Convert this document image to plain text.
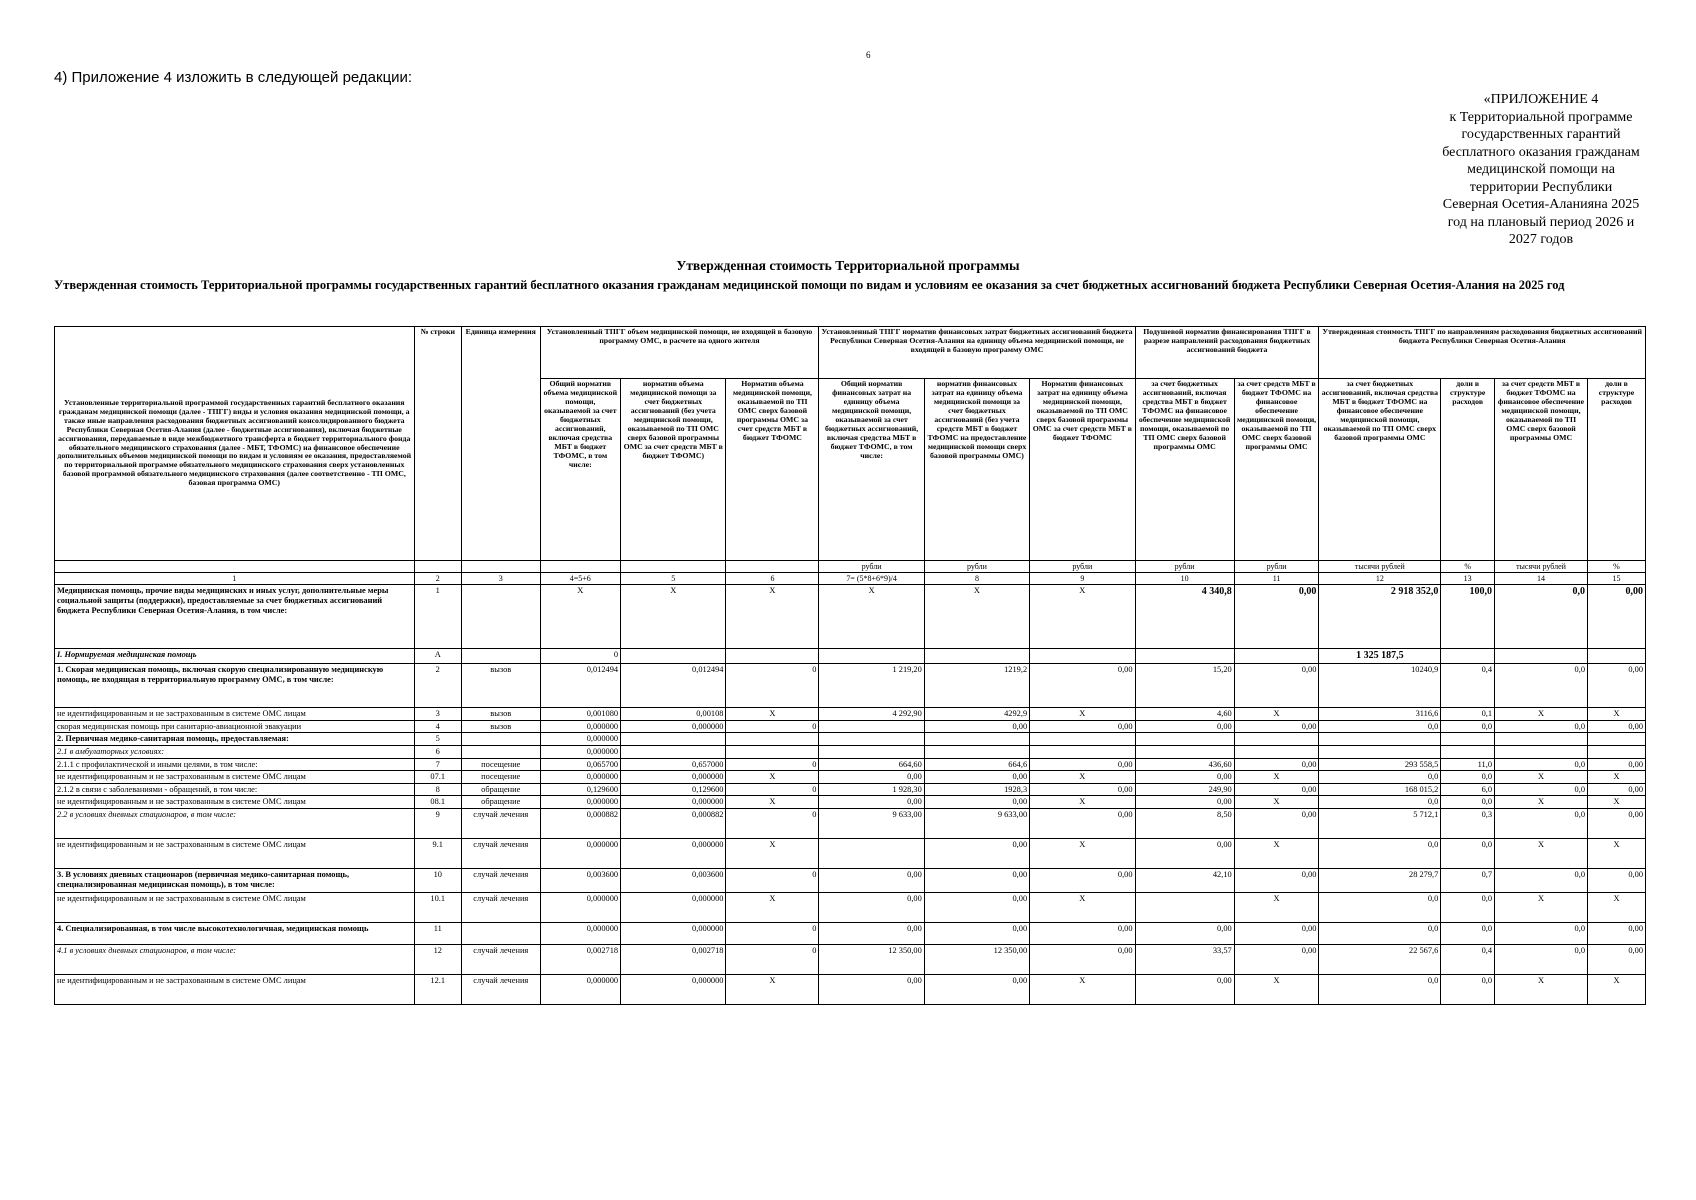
6
4) Приложение 4 изложить в следующей редакции:
«ПРИЛОЖЕНИЕ 4
к Территориальной программе
государственных гарантий
бесплатного оказания гражданам
медицинской помощи на
территории Республики
Северная Осетия-Аланияна 2025
год на плановый период 2026 и
2027 годов
Утвержденная стоимость Территориальной программы
Утвержденная стоимость Территориальной программы государственных гарантий бесплатного оказания гражданам медицинской помощи по видам и условиям ее оказания за счет бюджетных ассигнований бюджета Республики Северная Осетия-Алания на 2025 год
Установленные территориальной программой государственных гарантий бесплатного оказания гражданам медицинской помощи (далее - ТПГГ) виды и условия оказания медицинской помощи, а также иные направления расходования бюджетных ассигнований консолидированного бюджета Республики Северная Осетия-Алания (далее - бюджетные ассигнования), включая бюджетные ассигнования, передаваемые в виде межбюджетного трансферта в бюджет территориального фонда обязательного медицинского страхования (далее - МБТ, ТФОМС) на финансовое обеспечение дополнительных объемов медицинской помощи по видам и условиям ее оказания, предоставляемой по территориальной программе обязательного медицинского страхования сверх установленных базовой программой обязательного медицинского страхования (далее соответственно - ТП ОМС, базовая программа ОМС)	№ строки	Единица измерения	Установленный ТПГГ объем медицинской помощи, не входящей в базовую программу ОМС, в расчете на одного жителя			Установленный ТПГГ норматив финансовых затрат бюджетных ассигнований бюджета Республики Северная Осетия-Алания на единицу объема медицинской помощи, не входящей в базовую программу ОМС			Подушевой норматив финансирования ТПГГ в разрезе направлений расходования бюджетных ассигнований бюджета		Утвержденная стоимость ТПГГ по направлениям расходования бюджетных ассигнований бюджета Республики Северная Осетия-Алания			
			Общий норматив объема медицинской помощи, оказываемой за счет бюджетных ассигнований, включая средства МБТ в бюджет ТФОМС, в том числе:	норматив объема медицинской помощи за счет бюджетных ассигнований (без учета медицинской помощи, оказываемой по ТП ОМС сверх базовой программы ОМС за счет средств МБТ в бюджет ТФОМС)	Норматив объема медицинской помощи, оказываемой по ТП ОМС сверх базовой программы ОМС за счет средств МБТ в бюджет ТФОМС	Общий норматив финансовых затрат на единицу объема медицинской помощи, оказываемой за счет бюджетных ассигнований, включая средства МБТ в бюджет ТФОМС, в том числе:	норматив финансовых затрат на единицу объема медицинской помощи за счет бюджетных ассигнований (без учета средств МБТ в бюджет ТФОМС на предоставление медицинской помощи сверх базовой программы ОМС)	Норматив финансовых затрат на единицу объема медицинской помощи, оказываемой по ТП ОМС сверх базовой программы ОМС за счет средств МБТ в бюджет ТФОМС	за счет бюджетных ассигнований, включая средства МБТ в бюджет ТФОМС на финансовое обеспечение медицинской помощи, оказываемой по ТП ОМС сверх базовой программы ОМС	за счет средств МБТ в бюджет ТФОМС на финансовое обеспечение медицинской помощи, оказываемой по ТП ОМС сверх базовой программы ОМС	за счет бюджетных ассигнований, включая средства МБТ в бюджет ТФОМС на финансовое обеспечение медицинской помощи, оказываемой по ТП ОМС сверх базовой программы ОМС	доли в структуре расходов	за счет средств МБТ в бюджет ТФОМС на финансовое обеспечение медицинской помощи, оказываемой по ТП ОМС сверх базовой программы ОМС	доли в структуре расходов
						рубли	рубли	рубли	рубли	рубли	тысячи рублей	%	тысячи рублей	%
1	2	3	4=5+6	5	6	7= (5*8+6*9)/4	8	9	10	11	12	13	14	15
Медицинская помощь, прочие виды медицинских и иных услуг, дополнительные меры социальной защиты (поддержки), предоставляемые за счет бюджетных ассигнований бюджета Республики Северная Осетия-Алания, в том числе:	1		X	X	X	X	X	X	4 340,8	0,00	2 918 352,0	100,0	0,0	0,00
I. Нормируемая медицинская помощь	А		0								1 325 187,5			
1. Скорая медицинская помощь, включая скорую специализированную медицинскую помощь, не входящая в территориальную программу ОМС, в том числе:	2	вызов	0,012494	0,012494	0	1 219,20	1219,2	0,00	15,20	0,00	10240,9	0,4	0,0	0,00
не идентифицированным и не застрахованным в системе ОМС лицам	3	вызов	0,001080	0,00108	X	4 292,90	4292,9	X	4,60	X	3116,6	0,1	X	X
скорая медицинская помощь при санитарно-авиационной эвакуации	4	вызов	0,000000	0,000000	0		0,00	0,00	0,00	0,00	0,0	0,0	0,0	0,00
2. Первичная медико-санитарная помощь, предоставляемая:	5		0,000000											
2.1 в амбулаторных условиях:	6		0,000000											
2.1.1 с профилактической и иными целями, в том числе:	7	посещение	0,065700	0,657000	0	664,60	664,6	0,00	436,60	0,00	293 558,5	11,0	0,0	0,00
не идентифицированным и не застрахованным в системе ОМС лицам	07.1	посещение	0,000000	0,000000	X	0,00	0,00	X	0,00	X	0,0	0,0	X	X
2.1.2 в связи с заболеваниями - обращений, в том числе:	8	обращение	0,129600	0,129600	0	1 928,30	1928,3	0,00	249,90	0,00	168 015,2	6,0	0,0	0,00
не идентифицированным и не застрахованным в системе ОМС лицам	08.1	обращение	0,000000	0,000000	X	0,00	0,00	X	0,00	X	0,0	0,0	X	X
2.2 в условиях дневных стационаров, в том числе:	9	случай лечения	0,000882	0,000882	0	9 633,00	9 633,00	0,00	8,50	0,00	5 712,1	0,3	0,0	0,00
не идентифицированным и не застрахованным в системе ОМС лицам	9.1	случай лечения	0,000000	0,000000	X		0,00	X	0,00	X	0,0	0,0	X	X
3. В условиях дневных стационаров (первичная медико-санитарная помощь, специализированная медицинская помощь), в том числе:	10	случай лечения	0,003600	0,003600	0	0,00	0,00	0,00	42,10	0,00	28 279,7	0,7	0,0	0,00
не идентифицированным и не застрахованным в системе ОМС лицам	10.1	случай лечения	0,000000	0,000000	X	0,00	0,00	X		X	0,0	0,0	X	X
4. Специализированная, в том числе высокотехнологичная, медицинская помощь	11		0,000000	0,000000	0	0,00	0,00	0,00	0,00	0,00	0,0	0,0	0,0	0,00
4.1 в условиях дневных стационаров, в том числе:	12	случай лечения	0,002718	0,002718	0	12 350,00	12 350,00	0,00	33,57	0,00	22 567,6	0,4	0,0	0,00
не идентифицированным и не застрахованным в системе ОМС лицам	12.1	случай лечения	0,000000	0,000000	X	0,00	0,00	X	0,00	X	0,0	0,0	X	X
